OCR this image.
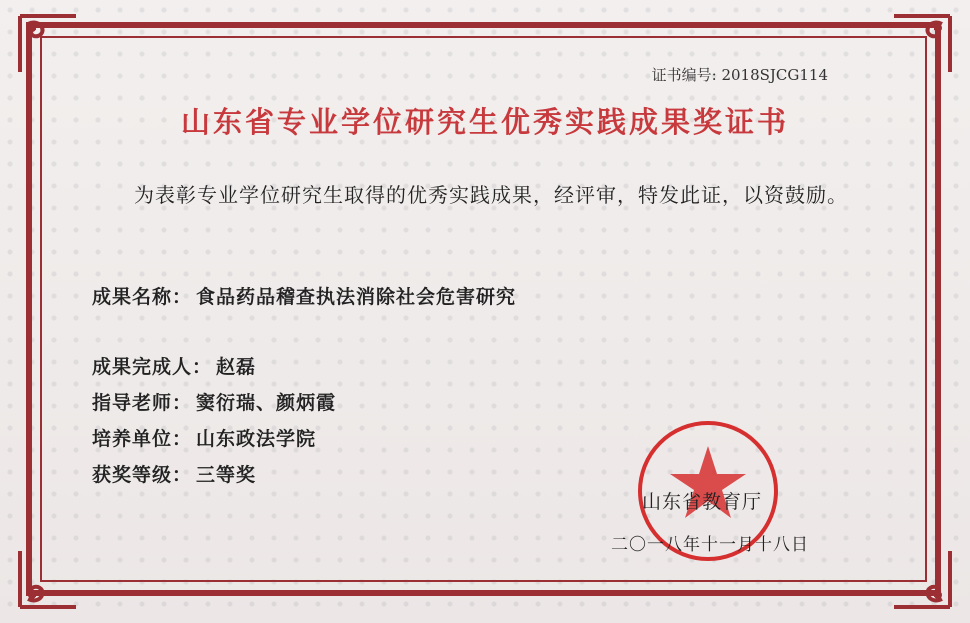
证书编号: 2018SJCG114
山东省专业学位研究生优秀实践成果奖证书
为表彰专业学位研究生取得的优秀实践成果，经评审，特发此证，以资鼓励。
成果名称： 食品药品稽查执法消除社会危害研究
成果完成人： 赵磊
指导老师： 窦衍瑞、颜炳霞
培养单位： 山东政法学院
获奖等级： 三等奖
山东省教育厅
二〇一八年十一月十八日
